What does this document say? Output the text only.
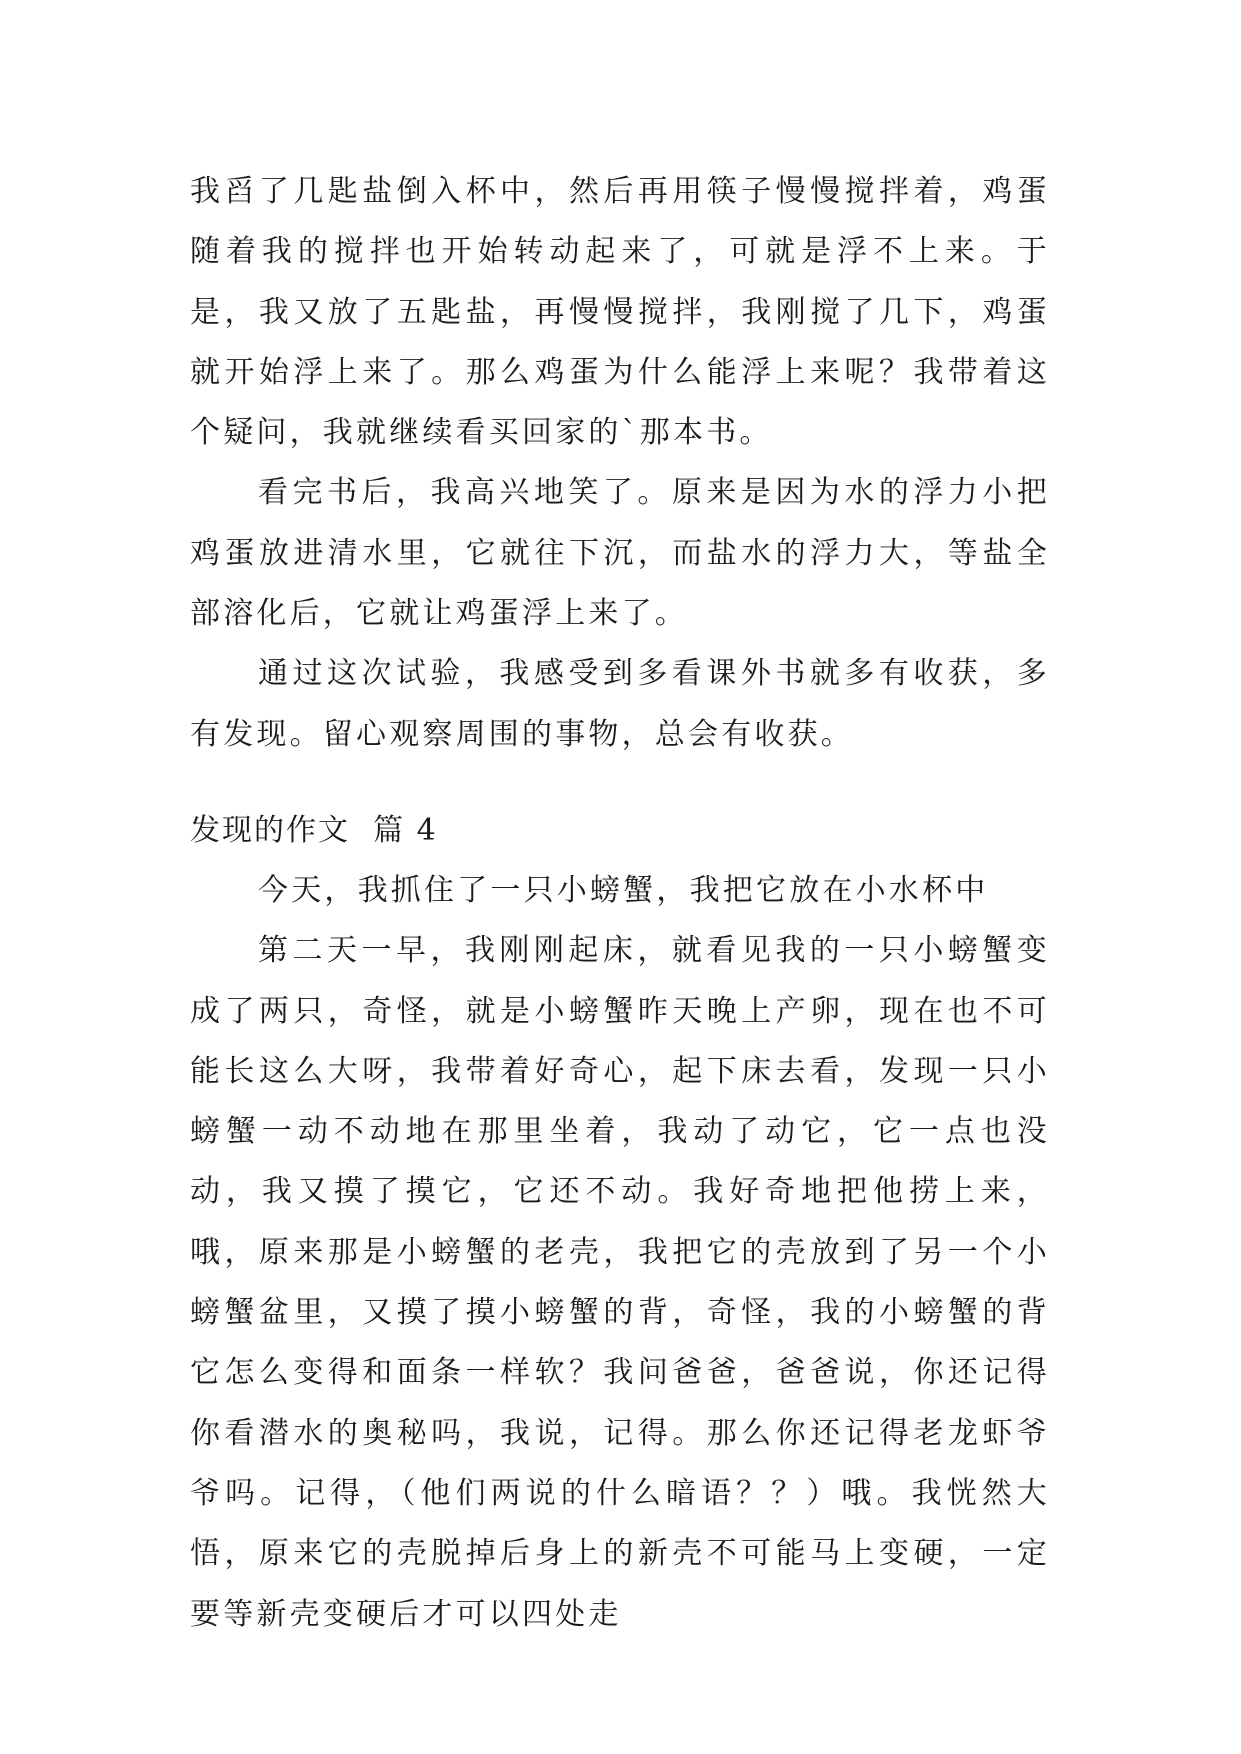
我舀了几匙盐倒入杯中，然后再用筷子慢慢搅拌着，鸡蛋随着我的搅拌也开始转动起来了，可就是浮不上来。于是，我又放了五匙盐，再慢慢搅拌，我刚搅了几下，鸡蛋就开始浮上来了。那么鸡蛋为什么能浮上来呢？我带着这个疑问，我就继续看买回家的`那本书。

看完书后，我高兴地笑了。原来是因为水的浮力小把鸡蛋放进清水里，它就往下沉，而盐水的浮力大，等盐全部溶化后，它就让鸡蛋浮上来了。

通过这次试验，我感受到多看课外书就多有收获，多有发现。留心观察周围的事物，总会有收获。

发现的作文  篇 4

今天，我抓住了一只小螃蟹，我把它放在小水杯中

第二天一早，我刚刚起床，就看见我的一只小螃蟹变成了两只，奇怪，就是小螃蟹昨天晚上产卵，现在也不可能长这么大呀，我带着好奇心，起下床去看，发现一只小螃蟹一动不动地在那里坐着，我动了动它，它一点也没动，我又摸了摸它，它还不动。我好奇地把他捞上来，哦，原来那是小螃蟹的老壳，我把它的壳放到了另一个小螃蟹盆里，又摸了摸小螃蟹的背，奇怪，我的小螃蟹的背它怎么变得和面条一样软？我问爸爸，爸爸说，你还记得你看潜水的奥秘吗，我说，记得。那么你还记得老龙虾爷爷吗。记得，（他们两说的什么暗语？？）哦。我恍然大悟，原来它的壳脱掉后身上的新壳不可能马上变硬，一定要等新壳变硬后才可以四处走
